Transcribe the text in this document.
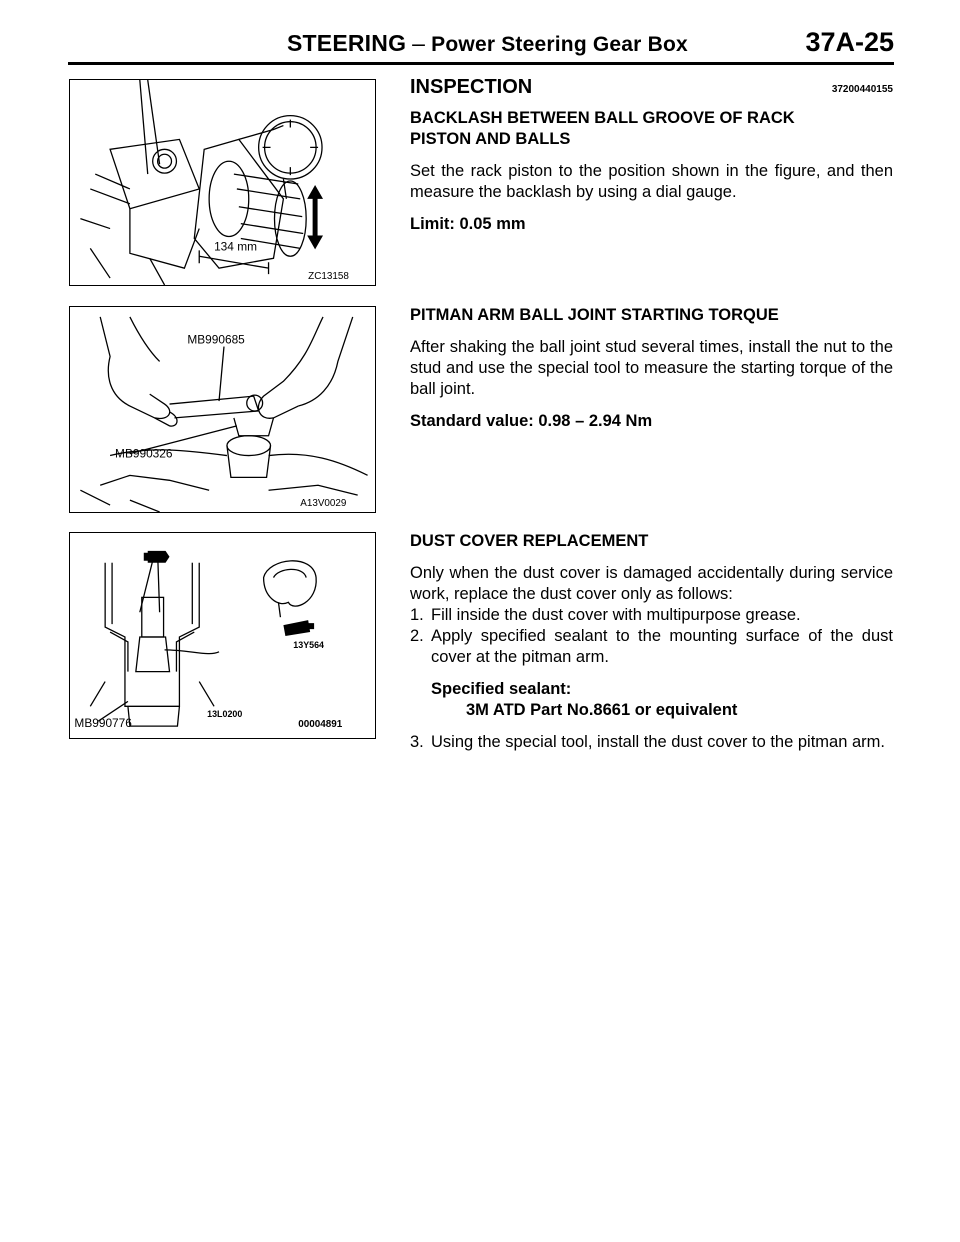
STEERING – Power Steering Gear Box	37A-25
134 mm
ZC13158
MB990685
MB990326
A13V0029
13Y564
MB990776
13L0200
00004891
INSPECTION	37200440155
BACKLASH BETWEEN BALL GROOVE OF RACK PISTON AND BALLS
Set the rack piston to the position shown in the figure, and then measure the backlash by using a dial gauge.
Limit: 0.05 mm
PITMAN ARM BALL JOINT STARTING TORQUE
After shaking the ball joint stud several times, install the nut to the stud and use the special tool to measure the starting torque of the ball joint.
Standard value: 0.98 – 2.94 Nm
DUST COVER REPLACEMENT
Only when the dust cover is damaged accidentally during service work, replace the dust cover only as follows:
1. Fill inside the dust cover with multipurpose grease.
2. Apply specified sealant to the mounting surface of the dust cover at the pitman arm.
Specified sealant:
3M ATD Part No.8661 or equivalent
3. Using the special tool, install the dust cover to the pitman arm.
